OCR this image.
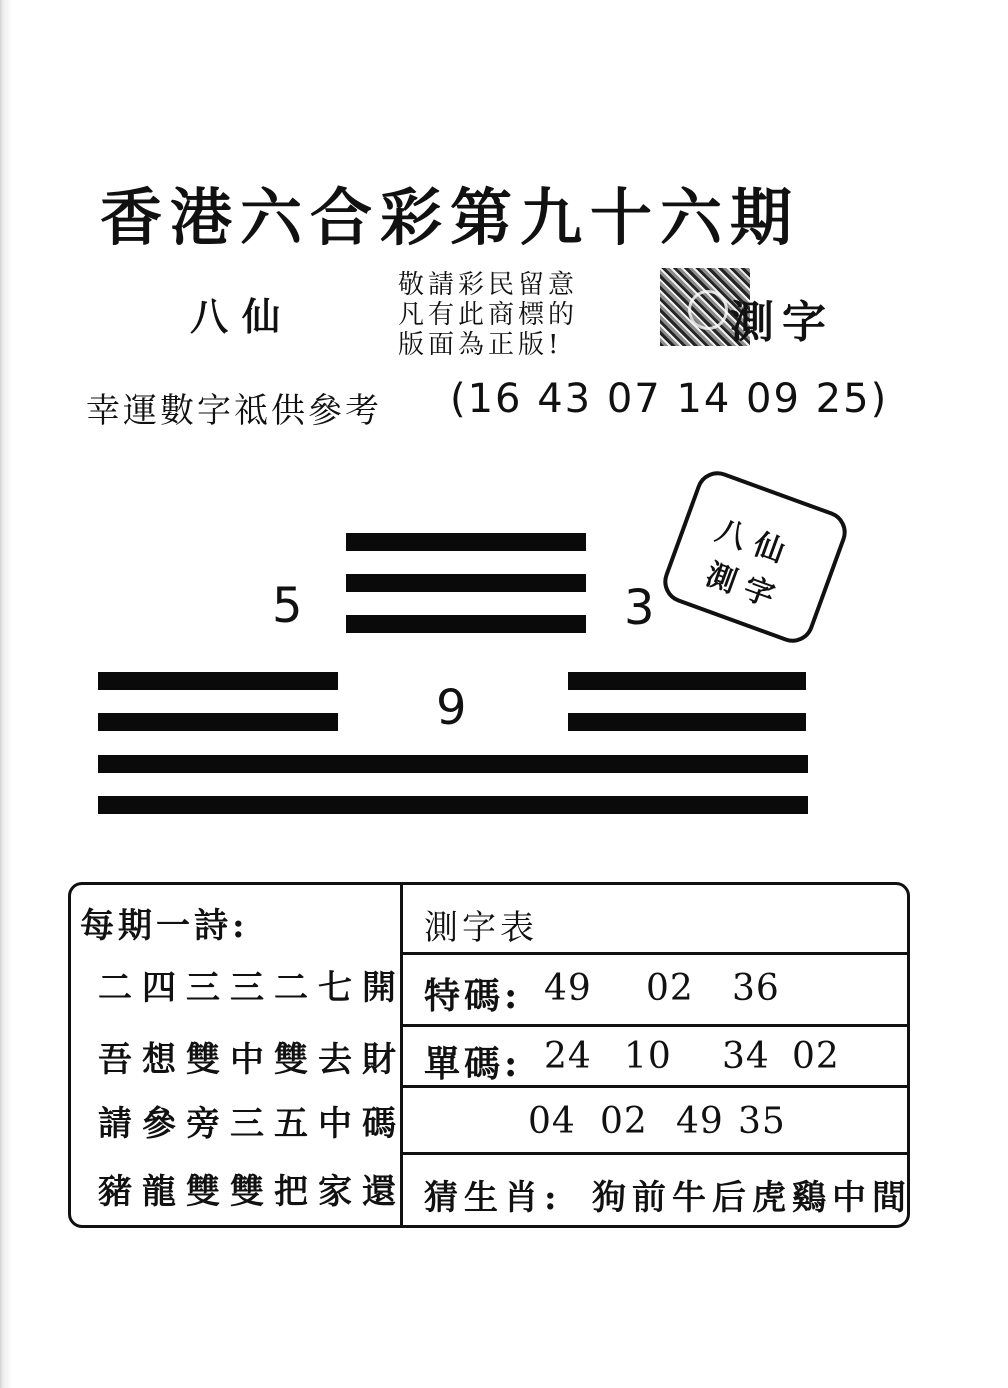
香港六合彩第九十六期
八仙
敬請彩民留意
凡有此商標的
版面為正版!	測字
幸運數字祗供參考 (16 43 07 14 09 25)
5	3
八仙
測字
9
每期一詩:
二四三三二七開
吾想雙中雙去財
請參旁三五中碼
豬龍雙雙把家還
測字表
特碼: 49 02 36
單碼: 24 10 34 02
04 02 49 35
猜生肖: 狗前牛后虎鷄中間
